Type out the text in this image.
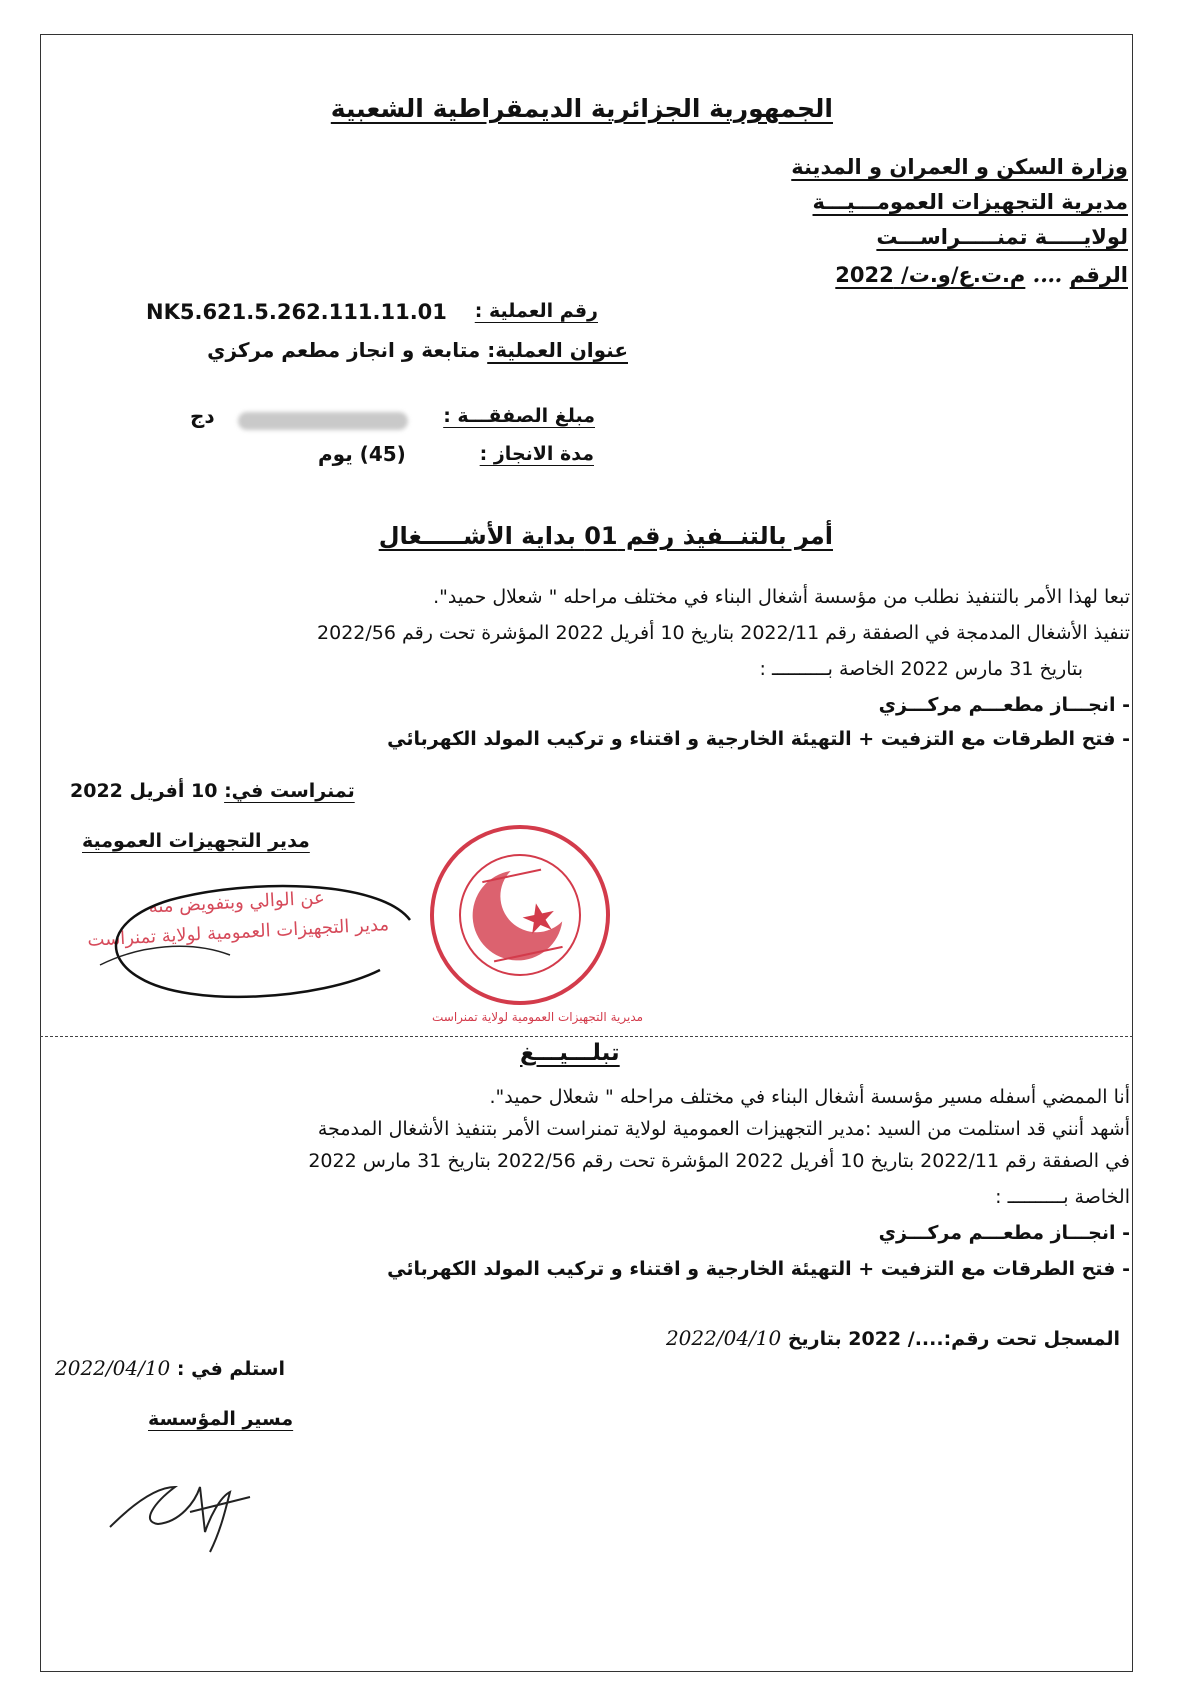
الجمهورية الجزائرية الديمقراطية الشعبية
وزارة السكن و العمران و المدينة
مديرية التجهيزات العمومـــيـــة
لولايـــــة تمنـــــراســـت
الرقم …. م.ت.ع/و.ت/ 2022
رقم العملية :
NK5.621.5.262.111.11.01
عنوان العملية: متابعة و انجاز مطعم مركزي
مبلغ الصفقـــة :
دج
مدة الانجاز :
(45) يوم
أمر بالتنــفيذ رقم 01 بداية الأشـــــغال
تبعا لهذا الأمر بالتنفيذ نطلب من مؤسسة أشغال البناء في مختلف مراحله " شعلال حميد".
تنفيذ الأشغال المدمجة في الصفقة رقم 2022/11 بتاريخ 10 أفريل 2022 المؤشرة تحت رقم 2022/56
بتاريخ 31 مارس 2022 الخاصة بــــــــــ :
- انجـــاز مطعـــم مركـــزي
- فتح الطرقات مع التزفيت + التهيئة الخارجية و اقتناء و تركيب المولد الكهربائي
تمنراست في: 10 أفريل 2022
مدير التجهيزات العمومية
عن الوالي وبتفويض منه
مدير التجهيزات العمومية لولاية تمنراست
مديرية التجهيزات العمومية لولاية تمنراست
تبلـــيـــغ
أنا الممضي أسفله مسير مؤسسة أشغال البناء في مختلف مراحله " شعلال حميد".
أشهد أنني قد استلمت من السيد :مدير التجهيزات العمومية لولاية تمنراست الأمر بتنفيذ الأشغال المدمجة
في الصفقة رقم 2022/11 بتاريخ 10 أفريل 2022 المؤشرة تحت رقم 2022/56 بتاريخ 31 مارس 2022
الخاصة بــــــــــ :
- انجـــاز مطعـــم مركـــزي
- فتح الطرقات مع التزفيت + التهيئة الخارجية و اقتناء و تركيب المولد الكهربائي
المسجل تحت رقم:..../ 2022 بتاريخ 2022/04/10
استلم في : 2022/04/10
مسير المؤسسة
